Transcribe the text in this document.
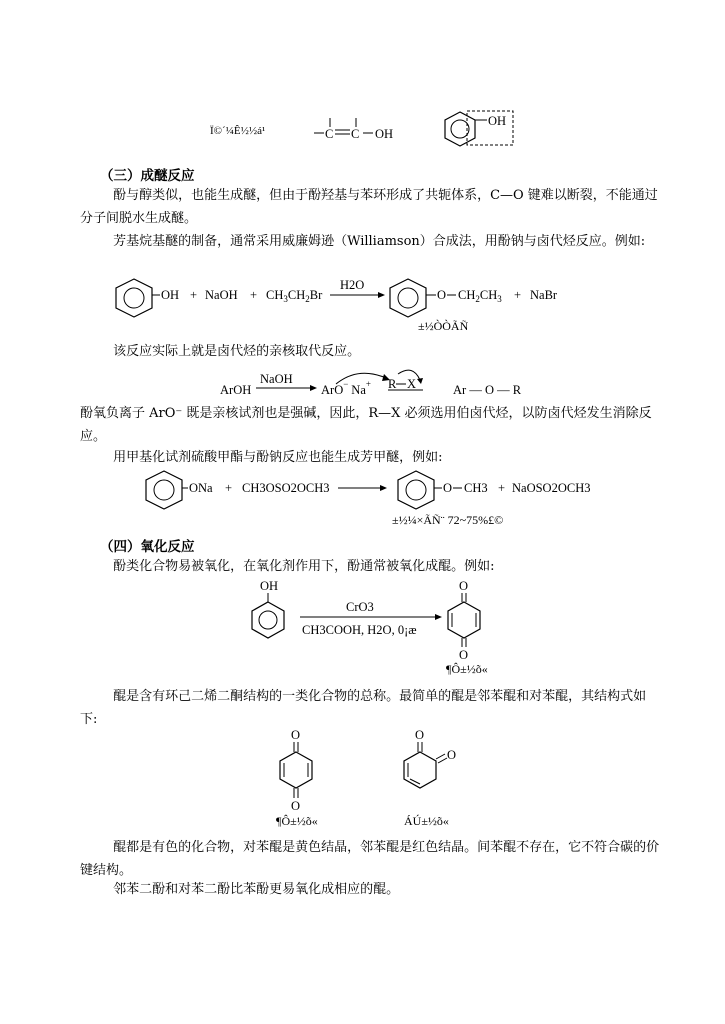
Ï©´¼Ê½½á¹	C C OH
OH
（三）成醚反应
酚与醇类似，也能生成醚，但由于酚羟基与苯环形成了共轭体系，C—O 键难以断裂，不能通过分子间脱水生成醚。
芳基烷基醚的制备，通常采用威廉姆逊（Williamson）合成法，用酚钠与卤代烃反应。例如:
OH + NaOH + $CH_3CH_2Br$
H2O
O $CH_2CH_3$ + NaBr
±½ÒÒÃÑ
该反应实际上就是卤代烃的亲核取代反应。
ArOH
NaOH
ArO− Na+ R X	Ar — O — R
酚氧负离子 ArO⁻ 既是亲核试剂也是强碱，因此，R—X 必须选用伯卤代烃，以防卤代烃发生消除反应。
用甲基化试剂硫酸甲酯与酚钠反应也能生成芳甲醚，例如:
ONa + CH3OSO2OCH3	O CH3 + NaOSO2OCH3
±½¼×ÃÑ¨ 72~75%£©
（四）氧化反应
酚类化合物易被氧化，在氧化剂作用下，酚通常被氧化成醌。例如:
OH
CrO3
CH3COOH, H2O, 0¡æ
O
O
¶Ô±½õ«
醌是含有环己二烯二酮结构的一类化合物的总称。最简单的醌是邻苯醌和对苯醌，其结构式如下:
O
O
¶Ô±½õ«
O
O
ÁÚ±½õ«
醌都是有色的化合物，对苯醌是黄色结晶，邻苯醌是红色结晶。间苯醌不存在，它不符合碳的价键结构。
邻苯二酚和对苯二酚比苯酚更易氧化成相应的醌。
